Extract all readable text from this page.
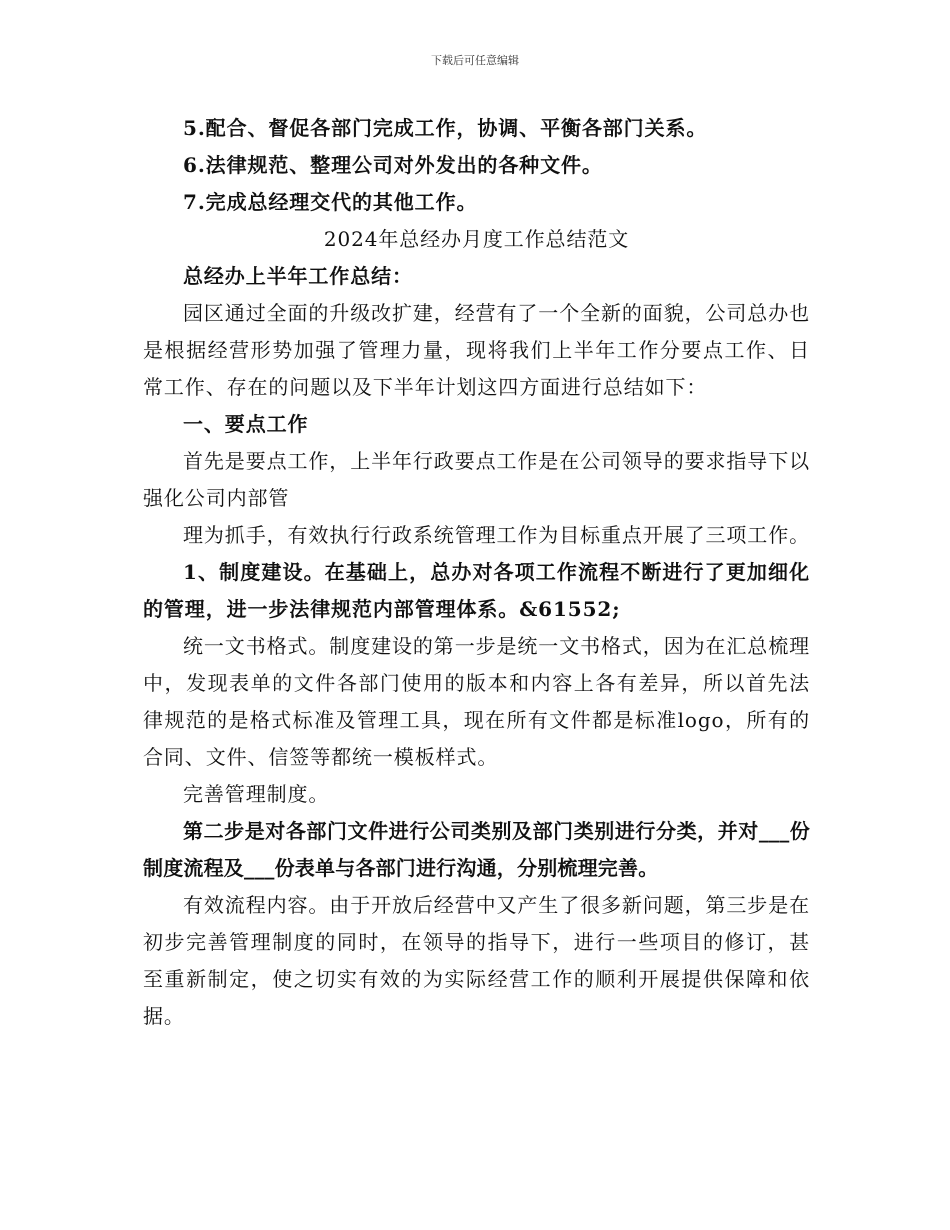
下载后可任意编辑

5.配合、督促各部门完成工作，协调、平衡各部门关系。

6.法律规范、整理公司对外发出的各种文件。

7.完成总经理交代的其他工作。

2024年总经办月度工作总结范文

总经办上半年工作总结：

园区通过全面的升级改扩建，经营有了一个全新的面貌，公司总办也是根据经营形势加强了管理力量，现将我们上半年工作分要点工作、日常工作、存在的问题以及下半年计划这四方面进行总结如下：

一、要点工作

首先是要点工作，上半年行政要点工作是在公司领导的要求指导下以强化公司内部管

理为抓手，有效执行行政系统管理工作为目标重点开展了三项工作。

1、制度建设。在基础上，总办对各项工作流程不断进行了更加细化的管理，进一步法律规范内部管理体系。&61552;

统一文书格式。制度建设的第一步是统一文书格式，因为在汇总梳理中，发现表单的文件各部门使用的版本和内容上各有差异，所以首先法律规范的是格式标准及管理工具，现在所有文件都是标准logo，所有的合同、文件、信签等都统一模板样式。

完善管理制度。

第二步是对各部门文件进行公司类别及部门类别进行分类，并对___份制度流程及___份表单与各部门进行沟通，分别梳理完善。

有效流程内容。由于开放后经营中又产生了很多新问题，第三步是在初步完善管理制度的同时，在领导的指导下，进行一些项目的修订，甚至重新制定，使之切实有效的为实际经营工作的顺利开展提供保障和依据。
